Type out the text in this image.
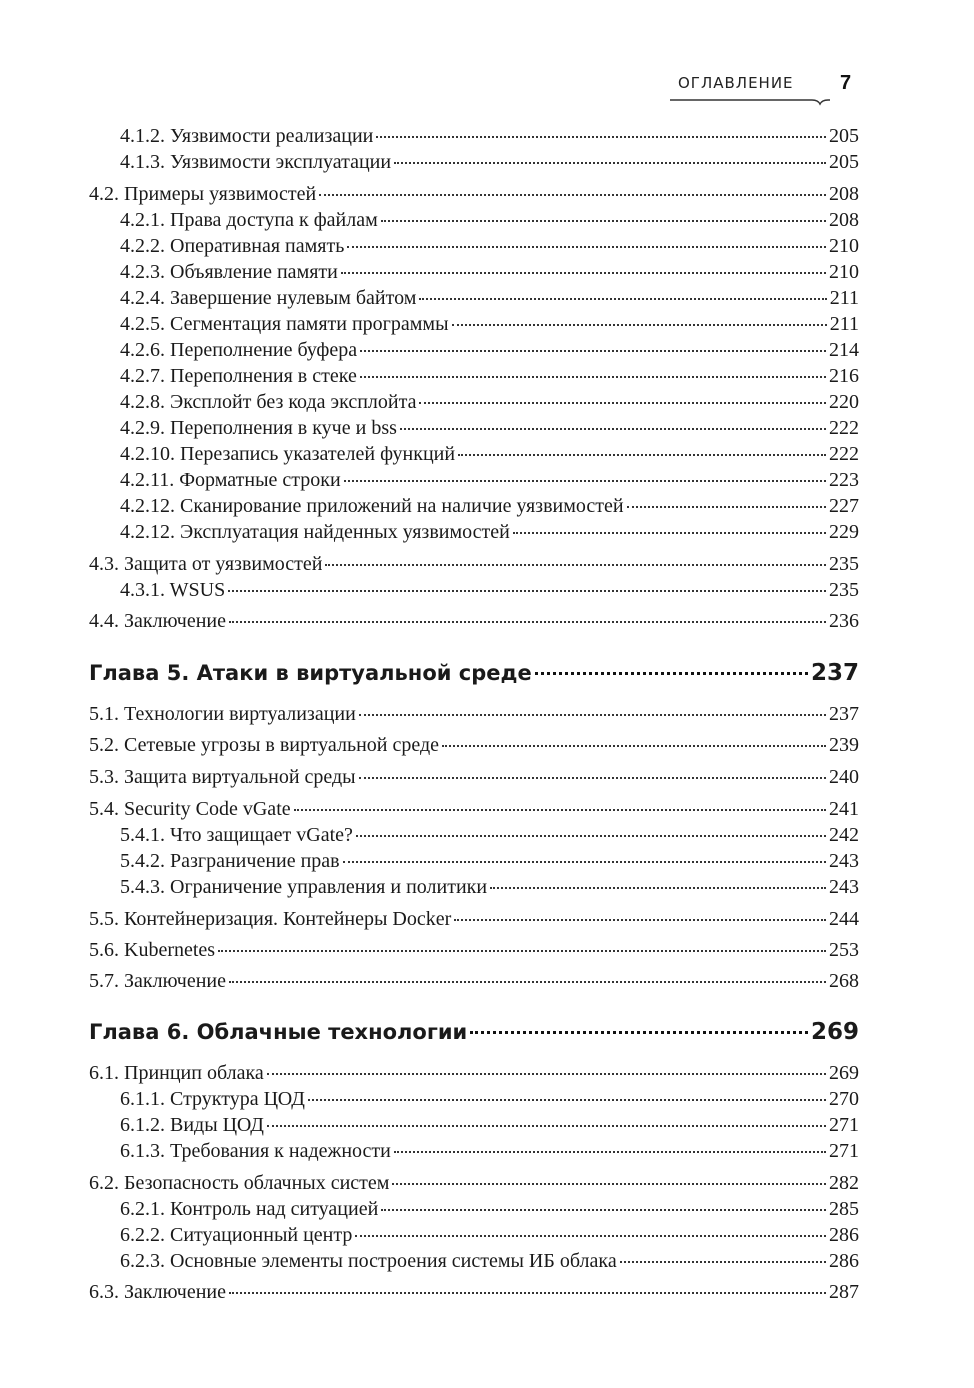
ОГЛАВЛЕНИЕ 7
4.1.2. Уязвимости реализации	205
4.1.3. Уязвимости эксплуатации	205
4.2. Примеры уязвимостей	208
4.2.1. Права доступа к файлам	208
4.2.2. Оперативная память	210
4.2.3. Объявление памяти	210
4.2.4. Завершение нулевым байтом	211
4.2.5. Сегментация памяти программы	211
4.2.6. Переполнение буфера	214
4.2.7. Переполнения в стеке	216
4.2.8. Эксплойт без кода эксплойта	220
4.2.9. Переполнения в куче и bss	222
4.2.10. Перезапись указателей функций	222
4.2.11. Форматные строки	223
4.2.12. Сканирование приложений на наличие уязвимостей	227
4.2.12. Эксплуатация найденных уязвимостей	229
4.3. Защита от уязвимостей	235
4.3.1. WSUS	235
4.4. Заключение	236
Глава 5. Атаки в виртуальной среде	237
5.1. Технологии виртуализации	237
5.2. Сетевые угрозы в виртуальной среде	239
5.3. Защита виртуальной среды	240
5.4. Security Code vGate	241
5.4.1. Что защищает vGate?	242
5.4.2. Разграничение прав	243
5.4.3. Ограничение управления и политики	243
5.5. Контейнеризация. Контейнеры Docker	244
5.6. Kubernetes	253
5.7. Заключение	268
Глава 6. Облачные технологии	269
6.1. Принцип облака	269
6.1.1. Структура ЦОД	270
6.1.2. Виды ЦОД	271
6.1.3. Требования к надежности	271
6.2. Безопасность облачных систем	282
6.2.1. Контроль над ситуацией	285
6.2.2. Ситуационный центр	286
6.2.3. Основные элементы построения системы ИБ облака	286
6.3. Заключение	287
